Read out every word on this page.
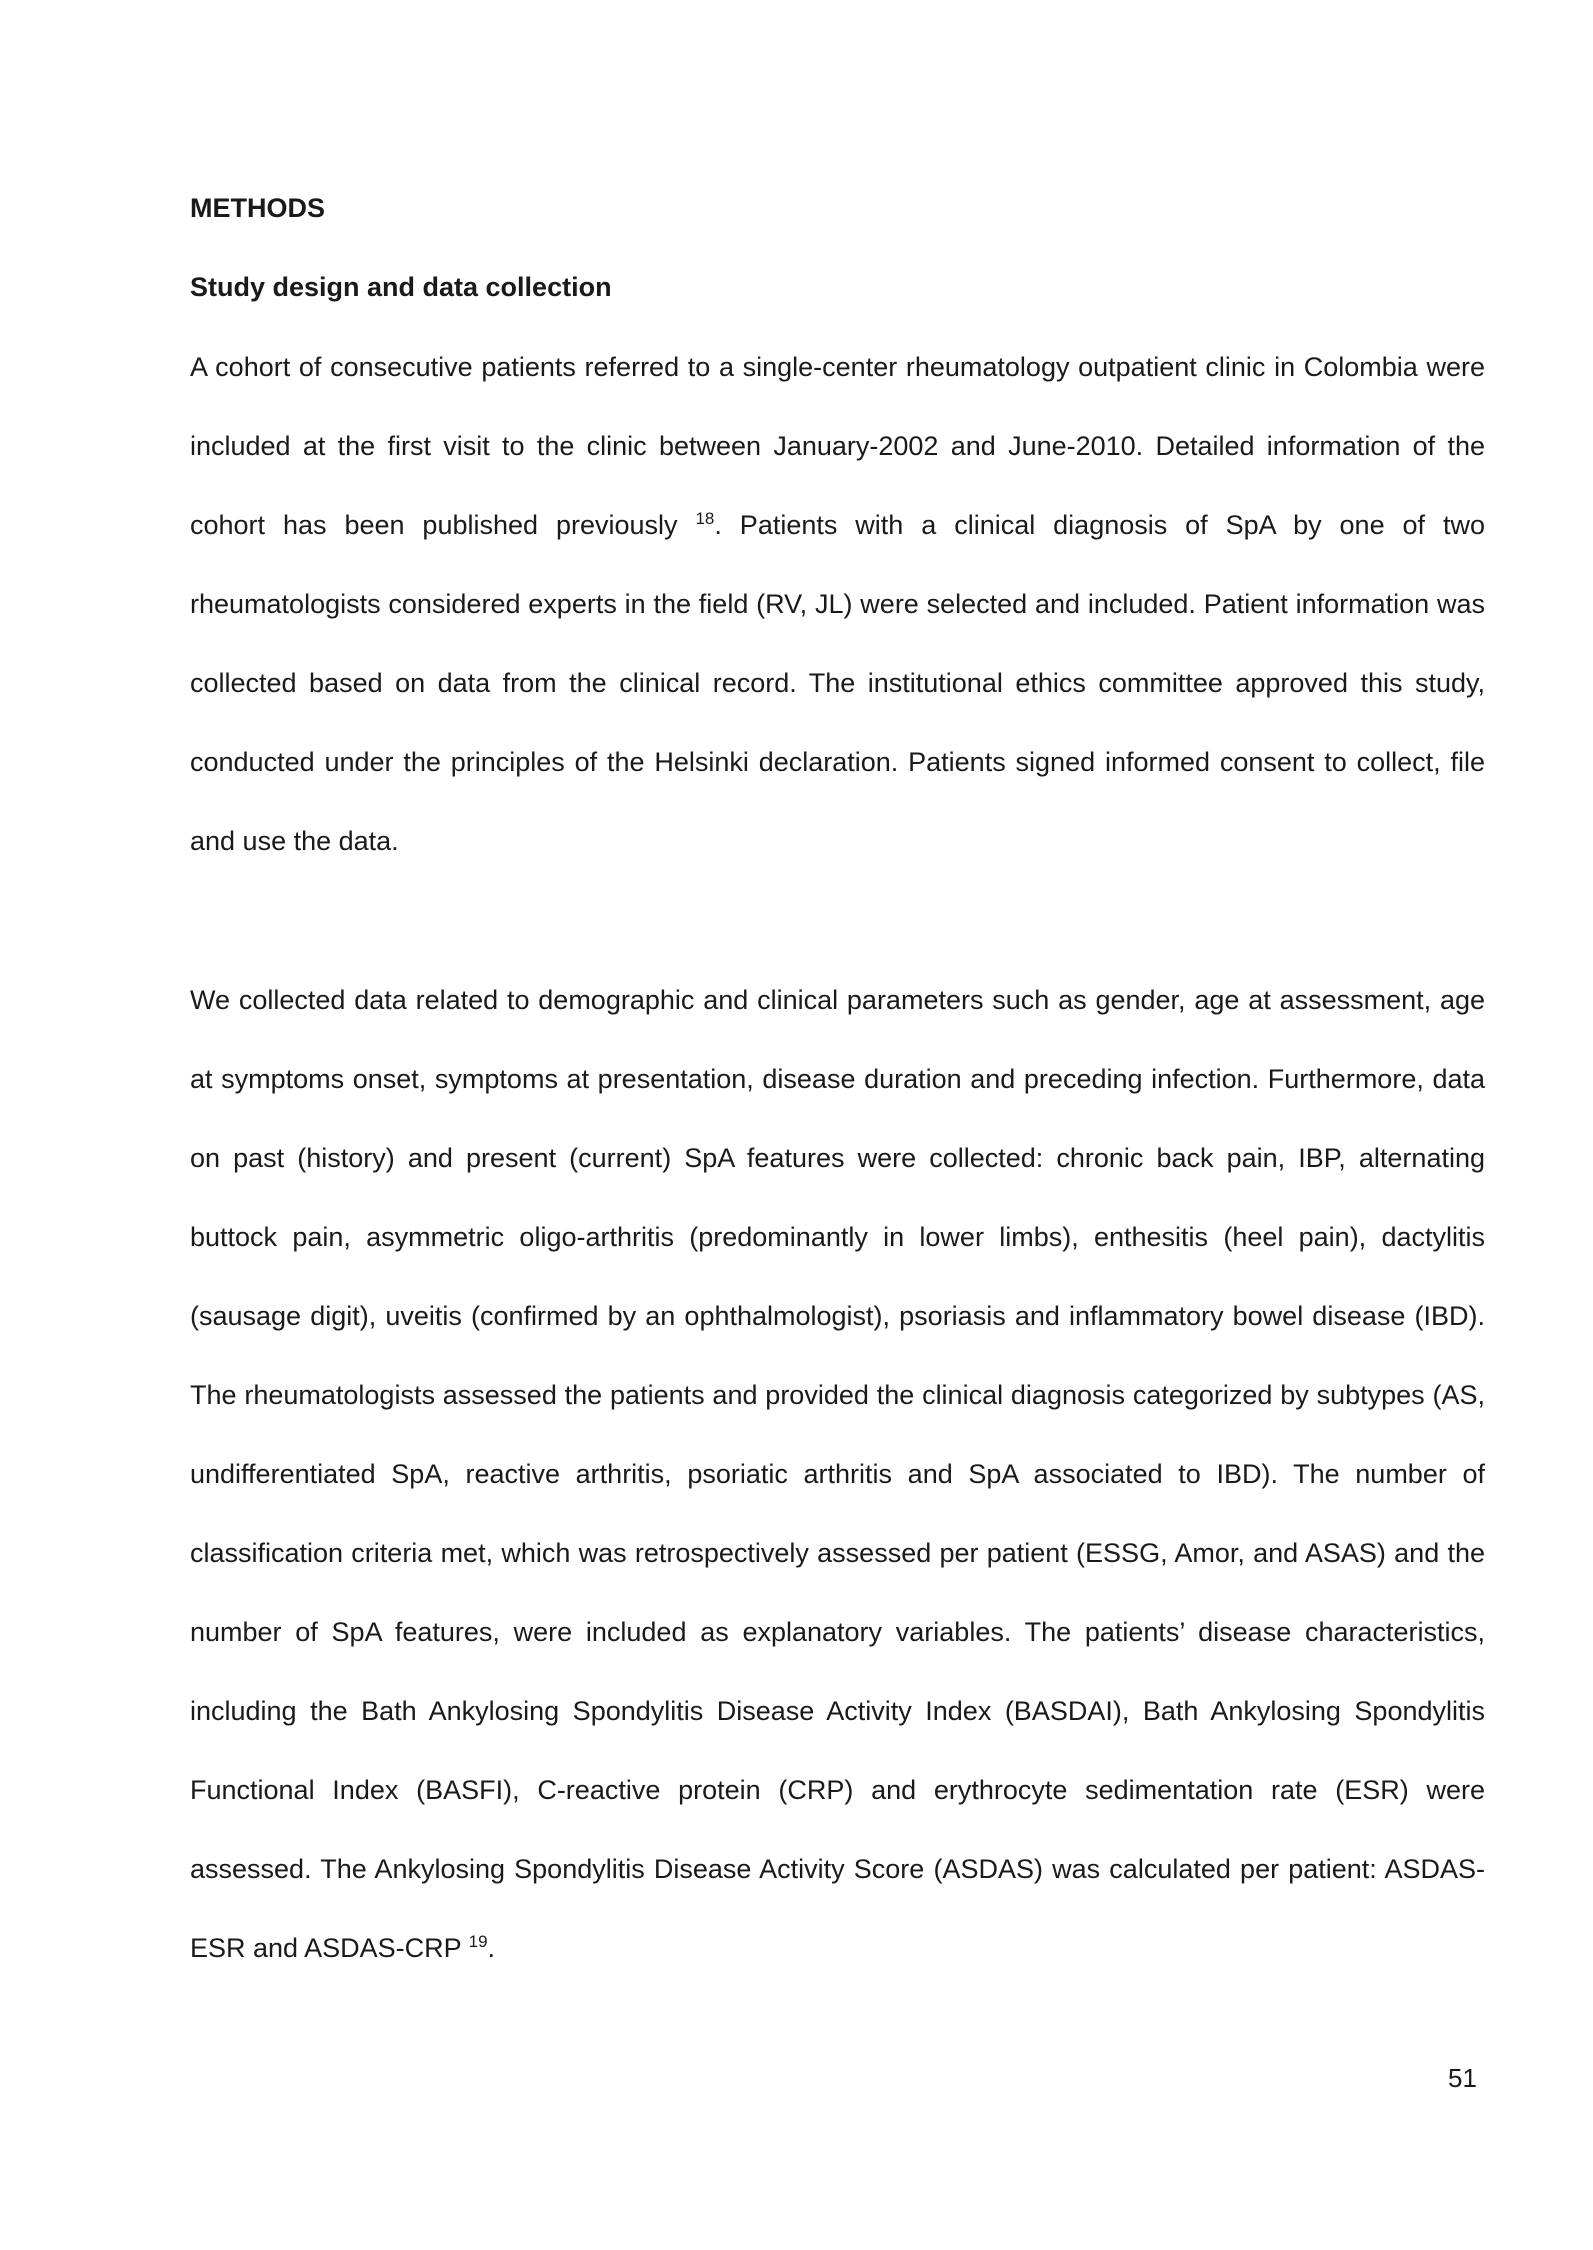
METHODS
Study design and data collection

A cohort of consecutive patients referred to a single-center rheumatology outpatient clinic in Colombia were included at the first visit to the clinic between January-2002 and June-2010. Detailed information of the cohort has been published previously $^{18}$. Patients with a clinical diagnosis of SpA by one of two rheumatologists considered experts in the field (RV, JL) were selected and included. Patient information was collected based on data from the clinical record. The institutional ethics committee approved this study, conducted under the principles of the Helsinki declaration. Patients signed informed consent to collect, file and use the data.

We collected data related to demographic and clinical parameters such as gender, age at assessment, age at symptoms onset, symptoms at presentation, disease duration and preceding infection. Furthermore, data on past (history) and present (current) SpA features were collected: chronic back pain, IBP, alternating buttock pain, asymmetric oligo-arthritis (predominantly in lower limbs), enthesitis (heel pain), dactylitis (sausage digit), uveitis (confirmed by an ophthalmologist), psoriasis and inflammatory bowel disease (IBD). The rheumatologists assessed the patients and provided the clinical diagnosis categorized by subtypes (AS, undifferentiated SpA, reactive arthritis, psoriatic arthritis and SpA associated to IBD). The number of classification criteria met, which was retrospectively assessed per patient (ESSG, Amor, and ASAS) and the number of SpA features, were included as explanatory variables. The patients’ disease characteristics, including the Bath Ankylosing Spondylitis Disease Activity Index (BASDAI), Bath Ankylosing Spondylitis Functional Index (BASFI), C-reactive protein (CRP) and erythrocyte sedimentation rate (ESR) were assessed. The Ankylosing Spondylitis Disease Activity Score (ASDAS) was calculated per patient: ASDAS-ESR and ASDAS-CRP $^{19}$.

51
